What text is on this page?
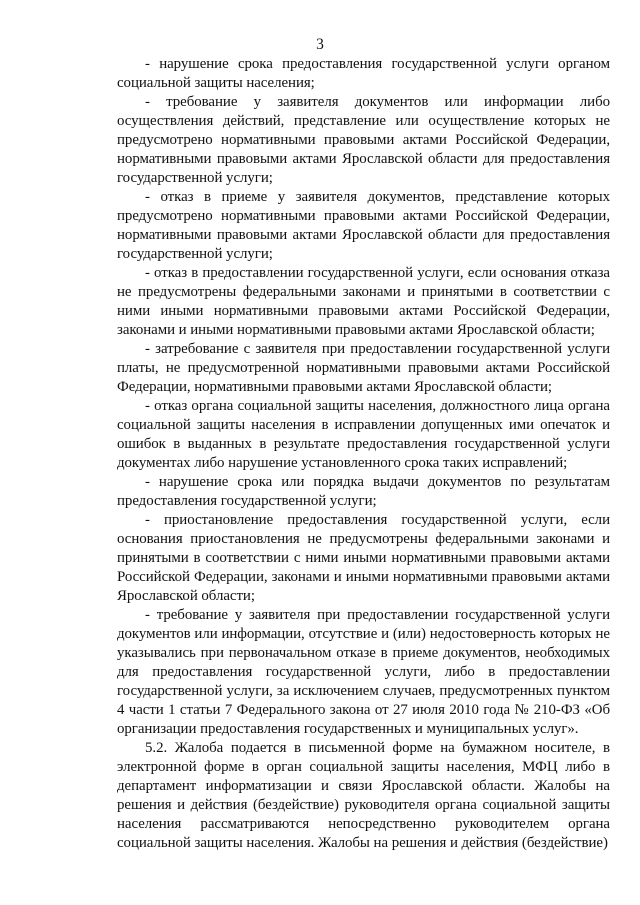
3

- нарушение срока предоставления государственной услуги органом социальной защиты населения;

- требование у заявителя документов или информации либо осуществления действий, представление или осуществление которых не предусмотрено нормативными правовыми актами Российской Федерации, нормативными правовыми актами Ярославской области для предоставления государственной услуги;

- отказ в приеме у заявителя документов, представление которых предусмотрено нормативными правовыми актами Российской Федерации, нормативными правовыми актами Ярославской области для предоставления государственной услуги;

- отказ в предоставлении государственной услуги, если основания отказа не предусмотрены федеральными законами и принятыми в соответствии с ними иными нормативными правовыми актами Российской Федерации, законами и иными нормативными правовыми актами Ярославской области;

- затребование с заявителя при предоставлении государственной услуги платы, не предусмотренной нормативными правовыми актами Российской Федерации, нормативными правовыми актами Ярославской области;

- отказ органа социальной защиты населения, должностного лица органа социальной защиты населения в исправлении допущенных ими опечаток и ошибок в выданных в результате предоставления государственной услуги документах либо нарушение установленного срока таких исправлений;

- нарушение срока или порядка выдачи документов по результатам предоставления государственной услуги;

- приостановление предоставления государственной услуги, если основания приостановления не предусмотрены федеральными законами и принятыми в соответствии с ними иными нормативными правовыми актами Российской Федерации, законами и иными нормативными правовыми актами Ярославской области;

- требование у заявителя при предоставлении государственной услуги документов или информации, отсутствие и (или) недостоверность которых не указывались при первоначальном отказе в приеме документов, необходимых для предоставления государственной услуги, либо в предоставлении государственной услуги, за исключением случаев, предусмотренных пунктом 4 части 1 статьи 7 Федерального закона от 27 июля 2010 года № 210-ФЗ «Об организации предоставления государственных и муниципальных услуг».

5.2. Жалоба подается в письменной форме на бумажном носителе, в электронной форме в орган социальной защиты населения, МФЦ либо в департамент информатизации и связи Ярославской области. Жалобы на решения и действия (бездействие) руководителя органа социальной защиты населения рассматриваются непосредственно руководителем органа социальной защиты населения. Жалобы на решения и действия (бездействие)
